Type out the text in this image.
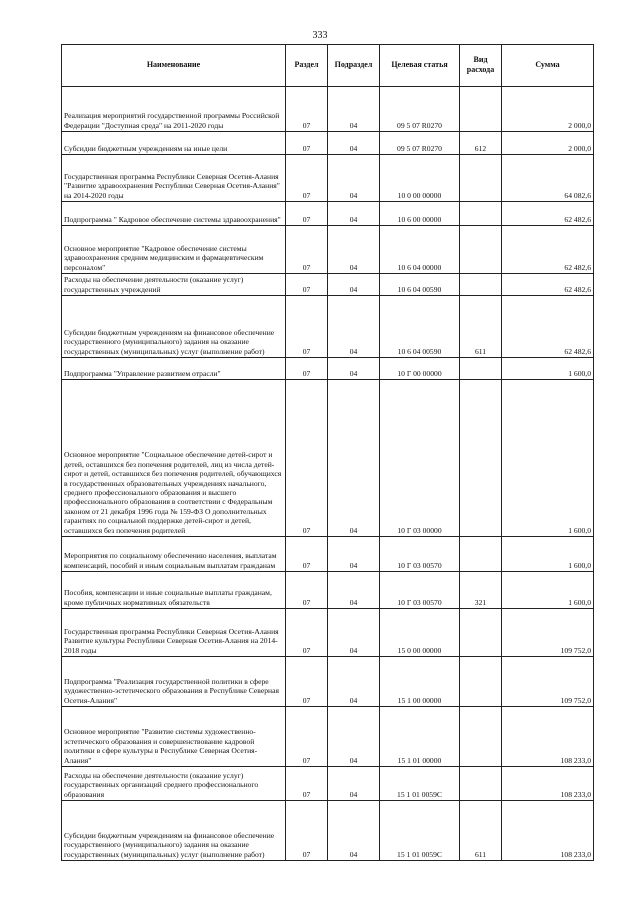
333
Наименование	Раздел	Подраздел	Целевая статья	Вид расхода	Сумма
Реализация мероприятий государственной программы Российской Федерации "Доступная среда" на 2011-2020 годы	07	04	09 5 07 R0270		2 000,0
Субсидии бюджетным учреждениям на иные цели	07	04	09 5 07 R0270	612	2 000,0
Государственная программа Республики Северная Осетия-Алания "Развитие здравоохранения Республики Северная Осетия-Алания" на 2014-2020 годы	07	04	10 0 00 00000		64 082,6
Подпрограмма " Кадровое обеспечение системы здравоохранения"	07	04	10 6 00 00000		62 482,6
Основное мероприятие "Кадровое обеспечение системы здравоохранения средним медицинским и фармацевтическим персоналом"	07	04	10 6 04 00000		62 482,6
Расходы на обеспечение деятельности (оказание услуг) государственных учреждений	07	04	10 6 04 00590		62 482,6
Субсидии бюджетным учреждениям на финансовое обеспечение государственного (муниципального) задания на оказание государственных (муниципальных) услуг (выполнение работ)	07	04	10 6 04 00590	611	62 482,6
Подпрограмма "Управление развитием отрасли"	07	04	10 Г 00 00000		1 600,0
Основное мероприятие "Социальное обеспечение детей-сирот и детей, оставшихся без попечения родителей, лиц из числа детей-сирот и детей, оставшихся без попечения родителей, обучающихся в государственных образовательных учреждениях начального, среднего профессионального образования и высшего профессионального образования в соответствии с Федеральным законом от 21 декабря 1996 года № 159-ФЗ О дополнительных гарантиях по социальной поддержке детей-сирот и детей, оставшихся без попечения родителей	07	04	10 Г 03 00000		1 600,0
Мероприятия по социальному обеспечению населения, выплатам компенсаций, пособий и иным социальным выплатам гражданам	07	04	10 Г 03 00570		1 600,0
Пособия, компенсации и иные социальные выплаты гражданам, кроме публичных нормативных обязательств	07	04	10 Г 03 00570	321	1 600,0
Государственная программа Республики Северная Осетия-Алания Развитие культуры Республики Северная Осетия-Алания на 2014-2018 годы	07	04	15 0 00 00000		109 752,0
Подпрограмма "Реализация государственной политики в сфере художественно-эстетического образования в Республике Северная Осетия-Алания"	07	04	15 1 00 00000		109 752,0
Основное мероприятие "Развитие системы художественно-эстетического образования и совершенствование кадровой политики в сфере культуры в Республике Северная Осетия-Алания"	07	04	15 1 01 00000		108 233,0
Расходы на обеспечение деятельности (оказание услуг) государственных организаций среднего профессионального образования	07	04	15 1 01 0059С		108 233,0
Субсидии бюджетным учреждениям на финансовое обеспечение государственного (муниципального) задания на оказание государственных (муниципальных) услуг (выполнение работ)	07	04	15 1 01 0059С	611	108 233,0
